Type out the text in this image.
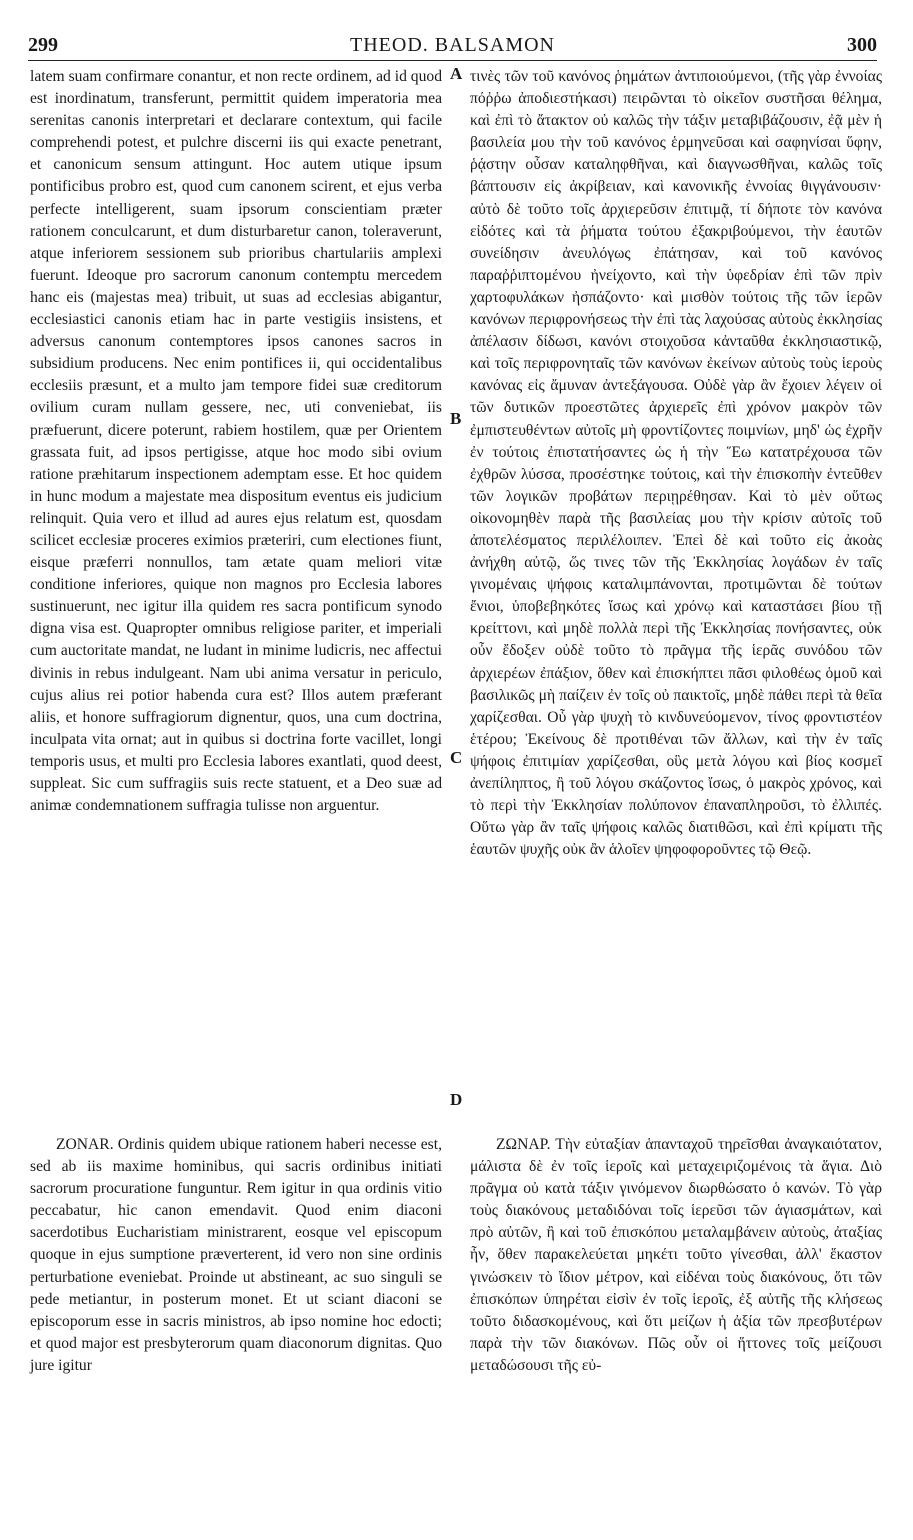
299	THEOD. BALSAMON	300
A
B
C
D

latem suam confirmare conantur, et non recte ordinem, ad id quod est inordinatum, transferunt, permittit quidem imperatoria mea serenitas canonis interpretari et declarare contextum, qui facile comprehendi potest, et pulchre discerni iis qui exacte penetrant, et canonicum sensum attingunt. Hoc autem utique ipsum pontificibus probro est, quod cum canonem scirent, et ejus verba perfecte intelligerent, suam ipsorum conscientiam præter rationem conculcarunt, et dum disturbaretur canon, toleraverunt, atque inferiorem sessionem sub prioribus chartulariis amplexi fuerunt. Ideoque pro sacrorum canonum contemptu mercedem hanc eis (majestas mea) tribuit, ut suas ad ecclesias abigantur, ecclesiastici canonis etiam hac in parte vestigiis insistens, et adversus canonum contemptores ipsos canones sacros in subsidium producens. Nec enim pontifices ii, qui occidentalibus ecclesiis præsunt, et a multo jam tempore fidei suæ creditorum ovilium curam nullam gessere, nec, uti conveniebat, iis præfuerunt, dicere poterunt, rabiem hostilem, quæ per Orientem grassata fuit, ad ipsos pertigisse, atque hoc modo sibi ovium ratione præhitarum inspectionem ademptam esse. Et hoc quidem in hunc modum a majestate mea dispositum eventus eis judicium relinquit. Quia vero et illud ad aures ejus relatum est, quosdam scilicet ecclesiæ proceres eximios præteriri, cum electiones fiunt, eisque præferri nonnullos, tam ætate quam meliori vitæ conditione inferiores, quique non magnos pro Ecclesia labores sustinuerunt, nec igitur illa quidem res sacra pontificum synodo digna visa est. Quapropter omnibus religiose pariter, et imperiali cum auctoritate mandat, ne ludant in minime ludicris, nec affectui divinis in rebus indulgeant. Nam ubi anima versatur in periculo, cujus alius rei potior habenda cura est? Illos autem præferant aliis, et honore suffragiorum dignentur, quos, una cum doctrina, inculpata vita ornat; aut in quibus si doctrina forte vacillet, longi temporis usus, et multi pro Ecclesia labores exantlati, quod deest, suppleat. Sic cum suffragiis suis recte statuent, et a Deo suæ ad animæ condemnationem suffragia tulisse non arguentur.

ZONAR. Ordinis quidem ubique rationem haberi necesse est, sed ab iis maxime hominibus, qui sacris ordinibus initiati sacrorum procuratione funguntur. Rem igitur in qua ordinis vitio peccabatur, hic canon emendavit. Quod enim diaconi sacerdotibus Eucharistiam ministrarent, eosque vel episcopum quoque in ejus sumptione præverterent, id vero non sine ordinis perturbatione eveniebat. Proinde ut abstineant, ac suo singuli se pede metiantur, in posterum monet. Et ut sciant diaconi se episcoporum esse in sacris ministros, ab ipso nomine hoc edocti; et quod major est presbyterorum quam diaconorum dignitas. Quo jure igitur

τινὲς τῶν τοῦ κανόνος ῥημάτων ἀντιποιούμενοι, (τῆς γὰρ ἐννοίας πόῤῥω ἀποδιεστήκασι) πειρῶνται τὸ οἰκεῖον συστῆσαι θέλημα, καὶ ἐπὶ τὸ ἄτακτον οὐ καλῶς τὴν τάξιν μεταβιβάζουσιν, ἐᾷ μὲν ἡ βασιλεία μου τὴν τοῦ κανόνος ἑρμηνεῦσαι καὶ σαφηνίσαι ὕφην, ῥᾴστην οὖσαν καταληφθῆναι, καὶ διαγνωσθῆναι, καλῶς τοῖς βάπτουσιν εἰς ἀκρίβειαν, καὶ κανονικῆς ἐννοίας θιγγάνουσιν· αὐτὸ δὲ τοῦτο τοῖς ἀρχιερεῦσιν ἐπιτιμᾷ, τί δήποτε τὸν κανόνα εἰδότες καὶ τὰ ῥήματα τούτου ἐξακριβούμενοι, τὴν ἑαυτῶν συνείδησιν ἀνευλόγως ἐπάτησαν, καὶ τοῦ κανόνος παραῤῥιπτομένου ἠνείχοντο, καὶ τὴν ὑφεδρίαν ἐπὶ τῶν πρὶν χαρτοφυλάκων ἠσπάζοντο· καὶ μισθὸν τούτοις τῆς τῶν ἱερῶν κανόνων περιφρονήσεως τὴν ἐπὶ τὰς λαχούσας αὐτοὺς ἐκκλησίας ἀπέλασιν δίδωσι, κανόνι στοιχοῦσα κἀνταῦθα ἐκκλησιαστικῷ, καὶ τοῖς περιφρονηταῖς τῶν κανόνων ἐκείνων αὐτοὺς τοὺς ἱεροὺς κανόνας εἰς ἄμυναν ἀντεξάγουσα. Οὐδὲ γὰρ ἂν ἔχοιεν λέγειν οἱ τῶν δυτικῶν προεστῶτες ἀρχιερεῖς ἐπὶ χρόνον μακρὸν τῶν ἐμπιστευθέντων αὐτοῖς μὴ φροντίζοντες ποιμνίων, μηδ' ὡς ἐχρῆν ἐν τούτοις ἐπιστατήσαντες ὡς ἡ τὴν Ἕω κατατρέχουσα τῶν ἐχθρῶν λύσσα, προσέστηκε τούτοις, καὶ τὴν ἐπισκοπὴν ἐντεῦθεν τῶν λογικῶν προβάτων περιῃρέθησαν. Καὶ τὸ μὲν οὕτως οἰκονομηθὲν παρὰ τῆς βασιλείας μου τὴν κρίσιν αὐτοῖς τοῦ ἀποτελέσματος περιλέλοιπεν. Ἐπεὶ δὲ καὶ τοῦτο εἰς ἀκοὰς ἀνήχθη αὐτῷ, ὥς τινες τῶν τῆς Ἐκκλησίας λογάδων ἐν ταῖς γινομέναις ψήφοις καταλιμπάνονται, προτιμῶνται δὲ τούτων ἔνιοι, ὑποβεβηκότες ἴσως καὶ χρόνῳ καὶ καταστάσει βίου τῇ κρείττονι, καὶ μηδὲ πολλὰ περὶ τῆς Ἐκκλησίας πονήσαντες, οὐκ οὖν ἔδοξεν οὐδὲ τοῦτο τὸ πρᾶγμα τῆς ἱερᾶς συνόδου τῶν ἀρχιερέων ἐπάξιον, ὅθεν καὶ ἐπισκήπτει πᾶσι φιλοθέως ὁμοῦ καὶ βασιλικῶς μὴ παίζειν ἐν τοῖς οὐ παικτοῖς, μηδὲ πάθει περὶ τὰ θεῖα χαρίζεσθαι. Οὗ γὰρ ψυχὴ τὸ κινδυνεύομενον, τίνος φροντιστέον ἑτέρου; Ἐκείνους δὲ προτιθέναι τῶν ἄλλων, καὶ τὴν ἐν ταῖς ψήφοις ἐπιτιμίαν χαρίζεσθαι, οὓς μετὰ λόγου καὶ βίος κοσμεῖ ἀνεπίληπτος, ἢ τοῦ λόγου σκάζοντος ἴσως, ὁ μακρὸς χρόνος, καὶ τὸ περὶ τὴν Ἐκκλησίαν πολύπονον ἐπαναπληροῦσι, τὸ ἐλλιπές. Οὕτω γὰρ ἂν ταῖς ψήφοις καλῶς διατιθῶσι, καὶ ἐπὶ κρίματι τῆς ἑαυτῶν ψυχῆς οὐκ ἂν ἁλοῖεν ψηφοφοροῦντες τῷ Θεῷ.

ΖΩΝΑΡ. Τὴν εὐταξίαν ἁπανταχοῦ τηρεῖσθαι ἀναγκαιότατον, μάλιστα δὲ ἐν τοῖς ἱεροῖς καὶ μεταχειριζομένοις τὰ ἅγια. Διὸ πρᾶγμα οὐ κατὰ τάξιν γινόμενον διωρθώσατο ὁ κανών. Τὸ γὰρ τοὺς διακόνους μεταδιδόναι τοῖς ἱερεῦσι τῶν ἁγιασμάτων, καὶ πρὸ αὐτῶν, ἢ καὶ τοῦ ἐπισκόπου μεταλαμβάνειν αὐτοὺς, ἀταξίας ἦν, ὅθεν παρακελεύεται μηκέτι τοῦτο γίνεσθαι, ἀλλ' ἕκαστον γινώσκειν τὸ ἴδιον μέτρον, καὶ εἰδέναι τοὺς διακόνους, ὅτι τῶν ἐπισκόπων ὑπηρέται εἰσὶν ἐν τοῖς ἱεροῖς, ἐξ αὐτῆς τῆς κλήσεως τοῦτο διδασκομένους, καὶ ὅτι μείζων ἡ ἀξία τῶν πρεσβυτέρων παρὰ τὴν τῶν διακόνων. Πῶς οὖν οἱ ἥττονες τοῖς μείζουσι μεταδώσουσι τῆς εὐ-
